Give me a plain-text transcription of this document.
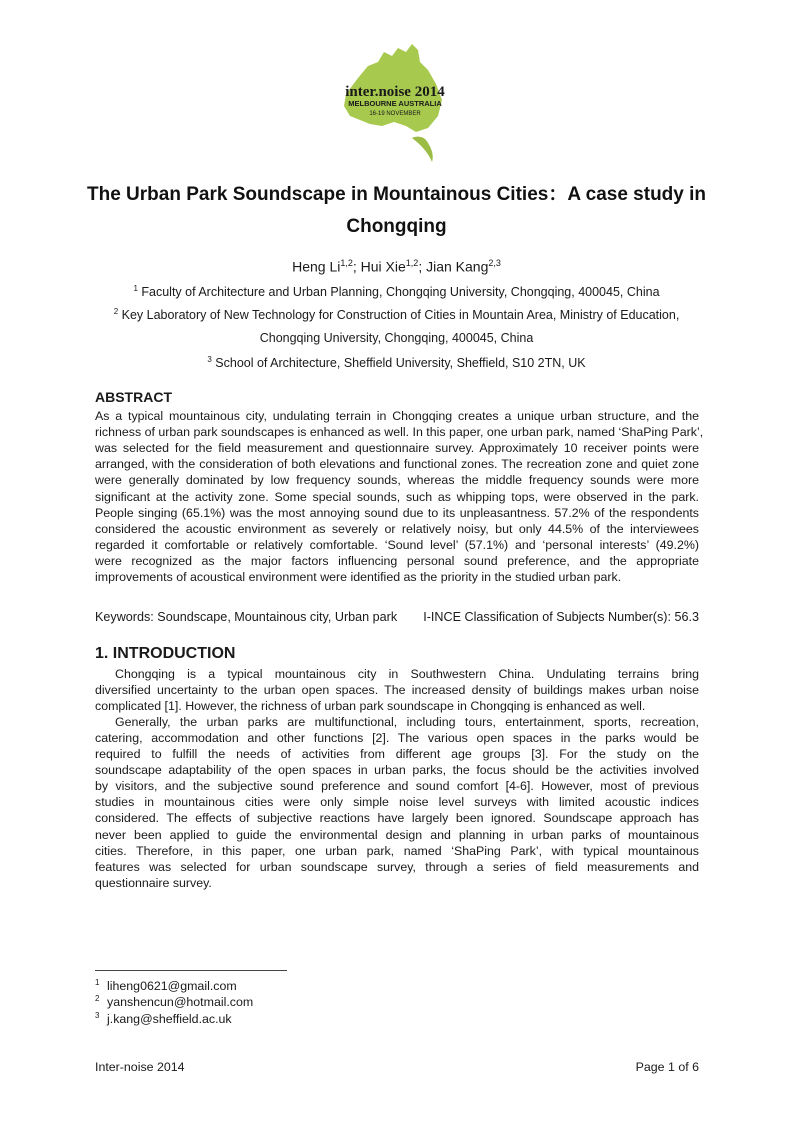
inter.noise 2014
MELBOURNE AUSTRALIA
16-19 NOVEMBER
The Urban Park Soundscape in Mountainous Cities：A case study in
Chongqing
Heng Li$^{1,2}$; Hui Xie$^{1,2}$; Jian Kang$^{2,3}$
$^1$ Faculty of Architecture and Urban Planning, Chongqing University, Chongqing, 400045, China
$^2$ Key Laboratory of New Technology for Construction of Cities in Mountain Area, Ministry of Education,
Chongqing University, Chongqing, 400045, China
$^3$ School of Architecture, Sheffield University, Sheffield, S10 2TN, UK
ABSTRACT
As a typical mountainous city, undulating terrain in Chongqing creates a unique urban structure, and the
richness of urban park soundscapes is enhanced as well. In this paper, one urban park, named ‘ShaPing Park’,
was selected for the field measurement and questionnaire survey. Approximately 10 receiver points were
arranged, with the consideration of both elevations and functional zones. The recreation zone and quiet zone
were generally dominated by low frequency sounds, whereas the middle frequency sounds were more
significant at the activity zone. Some special sounds, such as whipping tops, were observed in the park.
People singing (65.1%) was the most annoying sound due to its unpleasantness. 57.2% of the respondents
considered the acoustic environment as severely or relatively noisy, but only 44.5% of the interviewees
regarded it comfortable or relatively comfortable. ‘Sound level’ (57.1%) and ‘personal interests’ (49.2%)
were recognized as the major factors influencing personal sound preference, and the appropriate
improvements of acoustical environment were identified as the priority in the studied urban park.
Keywords: Soundscape, Mountainous city, Urban park I-INCE Classification of Subjects Number(s): 56.3
1. INTRODUCTION
Chongqing is a typical mountainous city in Southwestern China. Undulating terrains bring
diversified uncertainty to the urban open spaces. The increased density of buildings makes urban noise
complicated [1]. However, the richness of urban park soundscape in Chongqing is enhanced as well.
Generally, the urban parks are multifunctional, including tours, entertainment, sports, recreation,
catering, accommodation and other functions [2]. The various open spaces in the parks would be
required to fulfill the needs of activities from different age groups [3]. For the study on the
soundscape adaptability of the open spaces in urban parks, the focus should be the activities involved
by visitors, and the subjective sound preference and sound comfort [4-6]. However, most of previous
studies in mountainous cities were only simple noise level surveys with limited acoustic indices
considered. The effects of subjective reactions have largely been ignored. Soundscape approach has
never been applied to guide the environmental design and planning in urban parks of mountainous
cities. Therefore, in this paper, one urban park, named ‘ShaPing Park’, with typical mountainous
features was selected for urban soundscape survey, through a series of field measurements and
questionnaire survey.
$^1$ liheng0621@gmail.com
$^2$ yanshencun@hotmail.com
$^3$ j.kang@sheffield.ac.uk
Inter-noise 2014	Page 1 of 6
